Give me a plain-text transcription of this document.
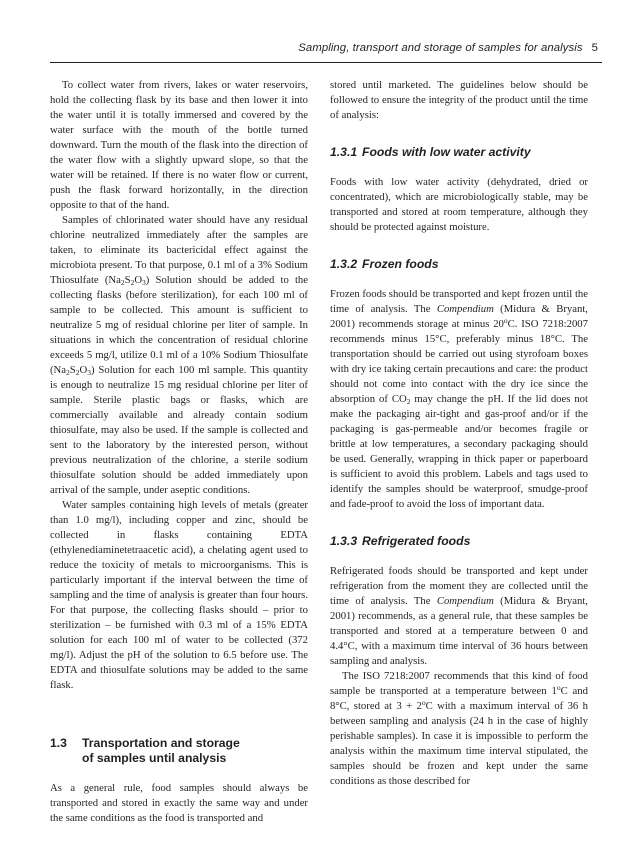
Sampling, transport and storage of samples for analysis 5

To collect water from rivers, lakes or water reservoirs, hold the collecting flask by its base and then lower it into the water until it is totally immersed and covered by the water surface with the mouth of the bottle turned downward. Turn the mouth of the flask into the direction of the water flow with a slightly upward slope, so that the water will be retained. If there is no water flow or current, push the flask forward horizontally, in the direction opposite to that of the hand.

Samples of chlorinated water should have any residual chlorine neutralized immediately after the samples are taken, to eliminate its bactericidal effect against the microbiota present. To that purpose, 0.1 ml of a 3% Sodium Thiosulfate $(Na_2S_2O_3)$ Solution should be added to the collecting flasks (before sterilization), for each 100 ml of sample to be collected. This amount is sufficient to neutralize 5 mg of residual chlorine per liter of sample. In situations in which the concentration of residual chlorine exceeds 5 mg/l, utilize 0.1 ml of a 10% Sodium Thiosulfate $(Na_2S_2O_3)$ Solution for each 100 ml sample. This quantity is enough to neutralize 15 mg residual chlorine per liter of sample. Sterile plastic bags or flasks, which are commercially available and already contain sodium thiosulfate, may also be used. If the sample is collected and sent to the laboratory by the interested person, without previous neutralization of the chlorine, a sterile sodium thiosulfate solution should be added immediately upon arrival of the sample, under aseptic conditions.

Water samples containing high levels of metals (greater than 1.0 mg/l), including copper and zinc, should be collected in flasks containing EDTA (ethylenediaminetetraacetic acid), a chelating agent used to reduce the toxicity of metals to microorganisms. This is particularly important if the interval between the time of sampling and the time of analysis is greater than four hours. For that purpose, the collecting flasks should – prior to sterilization – be furnished with 0.3 ml of a 15% EDTA solution for each 100 ml of water to be collected (372 mg/l). Adjust the pH of the solution to 6.5 before use. The EDTA and thiosulfate solutions may be added to the same flask.

1.3 Transportation and storage
of samples until analysis

As a general rule, food samples should always be transported and stored in exactly the same way and under the same conditions as the food is transported and

stored until marketed. The guidelines below should be followed to ensure the integrity of the product until the time of analysis:

1.3.1 Foods with low water activity

Foods with low water activity (dehydrated, dried or concentrated), which are microbiologically stable, may be transported and stored at room temperature, although they should be protected against moisture.

1.3.2 Frozen foods

Frozen foods should be transported and kept frozen until the time of analysis. The Compendium (Midura & Bryant, 2001) recommends storage at minus 20$^o$C. ISO 7218:2007 recommends minus 15°C, preferably minus 18°C. The transportation should be carried out using styrofoam boxes with dry ice taking certain precautions and care: the product should not come into contact with the dry ice since the absorption of $CO_2$ may change the pH. If the lid does not make the packaging air-tight and gas-proof and/or if the packaging is gas-permeable and/or becomes fragile or brittle at low temperatures, a secondary packaging should be used. Generally, wrapping in thick paper or paperboard is sufficient to avoid this problem. Labels and tags used to identify the samples should be waterproof, smudge-proof and fade-proof to avoid the loss of important data.

1.3.3 Refrigerated foods

Refrigerated foods should be transported and kept under refrigeration from the moment they are collected until the time of analysis. The Compendium (Midura & Bryant, 2001) recommends, as a general rule, that these samples be transported and stored at a temperature between 0 and 4.4°C, with a maximum time interval of 36 hours between sampling and analysis.

The ISO 7218:2007 recommends that this kind of food sample be transported at a temperature between 1$^o$C and 8°C, stored at $3 + 2^oC$ with a maximum interval of 36 h between sampling and analysis (24 h in the case of highly perishable samples). In case it is impossible to perform the analysis within the maximum time interval stipulated, the samples should be frozen and kept under the same conditions as those described for
